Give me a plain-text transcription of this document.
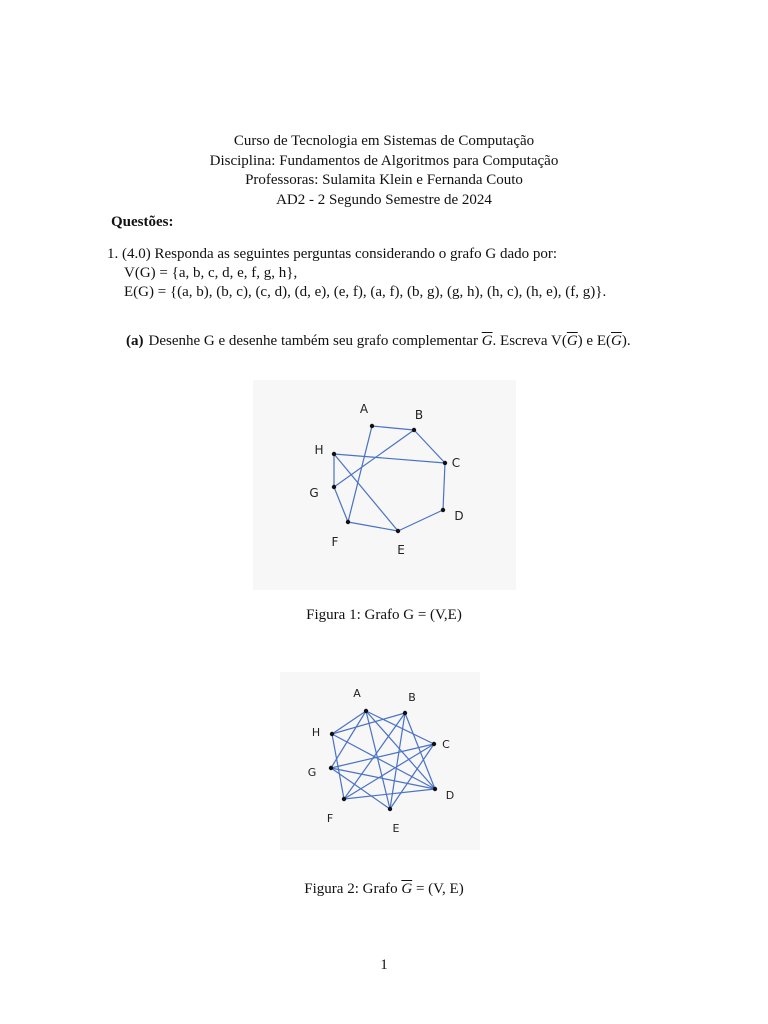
Curso de Tecnologia em Sistemas de Computação
Disciplina: Fundamentos de Algoritmos para Computação
Professoras: Sulamita Klein e Fernanda Couto
AD2 - 2 Segundo Semestre de 2024
Questões:
1. (4.0) Responda as seguintes perguntas considerando o grafo G dado por:
V(G) = {a, b, c, d, e, f, g, h},
E(G) = {(a, b), (b, c), (c, d), (d, e), (e, f), (a, f), (b, g), (g, h), (h, c), (h, e), (f, g)}.
(a) Desenhe G e desenhe também seu grafo complementar $\overline{G}$. Escreva $V(\overline{G})$ e $E(\overline{G})$.
A	B
C
D
E
F
G
H
Figura 1: Grafo G = (V,E)
A	B
C
D
E
F
G
H
Figura 2: Grafo $\overline{G} = (V$, E)
1
